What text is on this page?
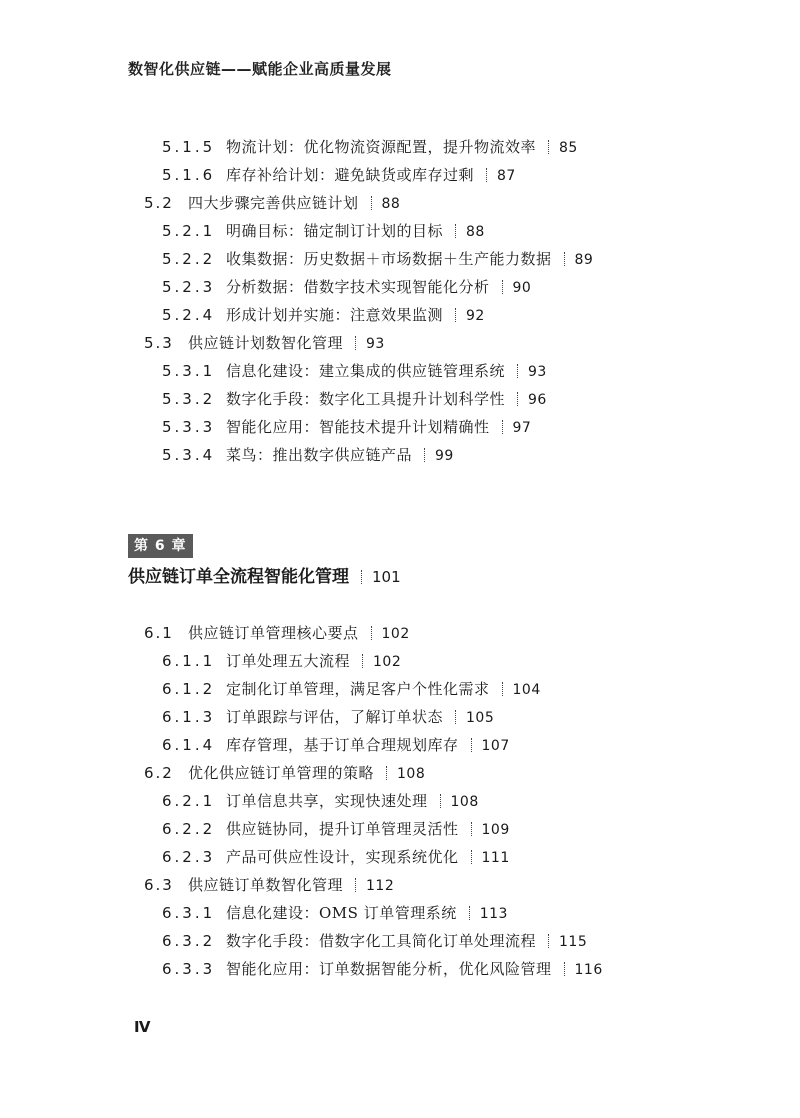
数智化供应链——赋能企业高质量发展
5.1.5 物流计划：优化物流资源配置，提升物流效率 85
5.1.6 库存补给计划：避免缺货或库存过剩 87
5.2 四大步骤完善供应链计划 88
5.2.1 明确目标：锚定制订计划的目标 88
5.2.2 收集数据：历史数据＋市场数据＋生产能力数据 89
5.2.3 分析数据：借数字技术实现智能化分析 90
5.2.4 形成计划并实施：注意效果监测 92
5.3 供应链计划数智化管理 93
5.3.1 信息化建设：建立集成的供应链管理系统 93
5.3.2 数字化手段：数字化工具提升计划科学性 96
5.3.3 智能化应用：智能技术提升计划精确性 97
5.3.4 菜鸟：推出数字供应链产品 99
第 6 章
供应链订单全流程智能化管理 101
6.1 供应链订单管理核心要点 102
6.1.1 订单处理五大流程 102
6.1.2 定制化订单管理，满足客户个性化需求 104
6.1.3 订单跟踪与评估，了解订单状态 105
6.1.4 库存管理，基于订单合理规划库存 107
6.2 优化供应链订单管理的策略 108
6.2.1 订单信息共享，实现快速处理 108
6.2.2 供应链协同，提升订单管理灵活性 109
6.2.3 产品可供应性设计，实现系统优化 111
6.3 供应链订单数智化管理 112
6.3.1 信息化建设：OMS 订单管理系统 113
6.3.2 数字化手段：借数字化工具简化订单处理流程 115
6.3.3 智能化应用：订单数据智能分析，优化风险管理 116
Ⅳ
